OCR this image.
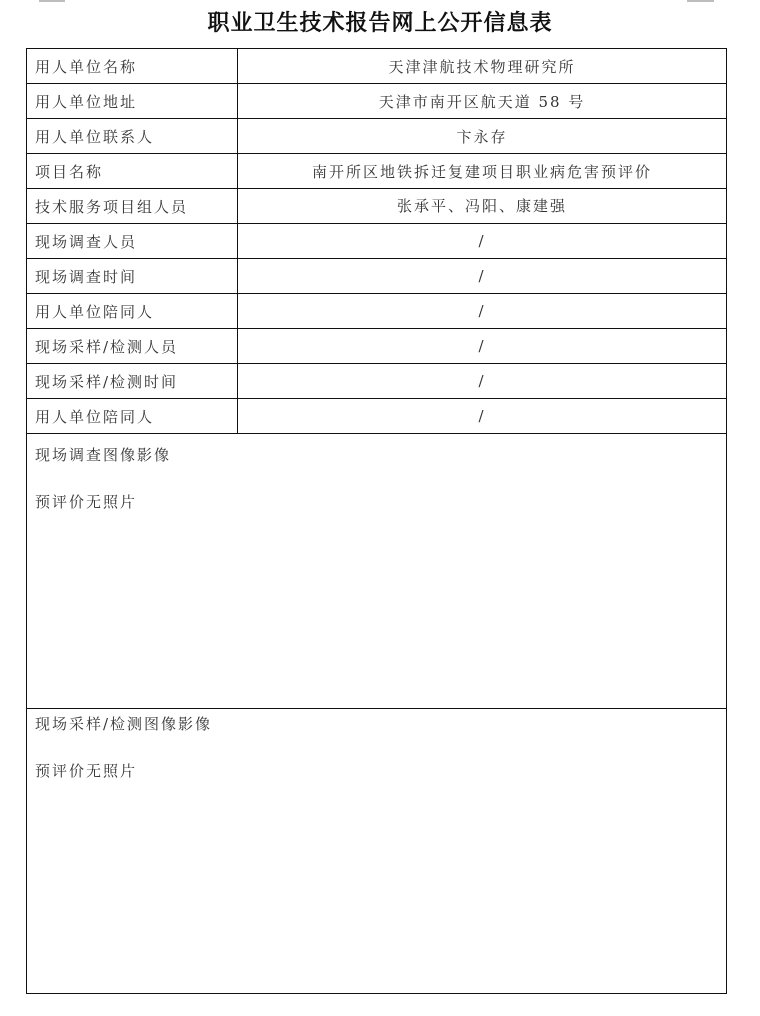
职业卫生技术报告网上公开信息表
用人单位名称	天津津航技术物理研究所
用人单位地址	天津市南开区航天道 58 号
用人单位联系人	卞永存
项目名称	南开所区地铁拆迁复建项目职业病危害预评价
技术服务项目组人员	张承平、冯阳、康建强
现场调查人员	/
现场调查时间	/
用人单位陪同人	/
现场采样/检测人员	/
现场采样/检测时间	/
用人单位陪同人	/

现场调查图像影像
预评价无照片	

现场采样/检测图像影像
预评价无照片	
